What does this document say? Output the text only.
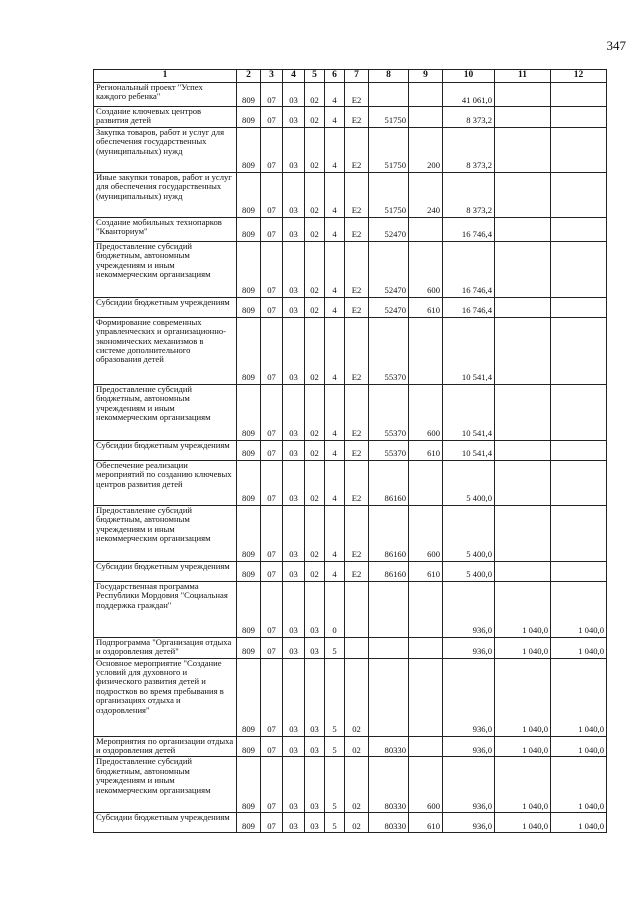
347
1	2	3	4	5	6	7	8	9	10	11	12
Региональный проект "Успех каждого ребенка"	809	07	03	02	4	Е2			41 061,0		
Создание ключевых центров развития детей	809	07	03	02	4	Е2	51750		8 373,2		
Закупка товаров, работ и услуг для обеспечения государственных (муниципальных) нужд	809	07	03	02	4	Е2	51750	200	8 373,2		
Иные закупки товаров, работ и услуг для обеспечения государственных (муниципальных) нужд	809	07	03	02	4	Е2	51750	240	8 373,2		
Создание мобильных технопарков "Кванториум"	809	07	03	02	4	Е2	52470		16 746,4		
Предоставление субсидий бюджетным, автономным учреждениям и иным некоммерческим организациям	809	07	03	02	4	Е2	52470	600	16 746,4		
Субсидии бюджетным учреждениям	809	07	03	02	4	Е2	52470	610	16 746,4		
Формирование современных управленческих и организационно-экономических механизмов в системе дополнительного образования детей	809	07	03	02	4	Е2	55370		10 541,4		
Предоставление субсидий бюджетным, автономным учреждениям и иным некоммерческим организациям	809	07	03	02	4	Е2	55370	600	10 541,4		
Субсидии бюджетным учреждениям	809	07	03	02	4	Е2	55370	610	10 541,4		
Обеспечение реализации мероприятий по созданию ключевых центров развития детей	809	07	03	02	4	Е2	86160		5 400,0		
Предоставление субсидий бюджетным, автономным учреждениям и иным некоммерческим организациям	809	07	03	02	4	Е2	86160	600	5 400,0		
Субсидии бюджетным учреждениям	809	07	03	02	4	Е2	86160	610	5 400,0		
Государственная программа Республики Мордовия "Социальная поддержка граждан"	809	07	03	03	0				936,0	1 040,0	1 040,0
Подпрограмма "Организация отдыха и оздоровления детей"	809	07	03	03	5				936,0	1 040,0	1 040,0
Основное мероприятие "Создание условий для духовного и физического развития детей и подростков во время пребывания в организациях отдыха и оздоровления"	809	07	03	03	5	02			936,0	1 040,0	1 040,0
Мероприятия по организации отдыха и оздоровления детей	809	07	03	03	5	02	80330		936,0	1 040,0	1 040,0
Предоставление субсидий бюджетным, автономным учреждениям и иным некоммерческим организациям	809	07	03	03	5	02	80330	600	936,0	1 040,0	1 040,0
Субсидии бюджетным учреждениям	809	07	03	03	5	02	80330	610	936,0	1 040,0	1 040,0
